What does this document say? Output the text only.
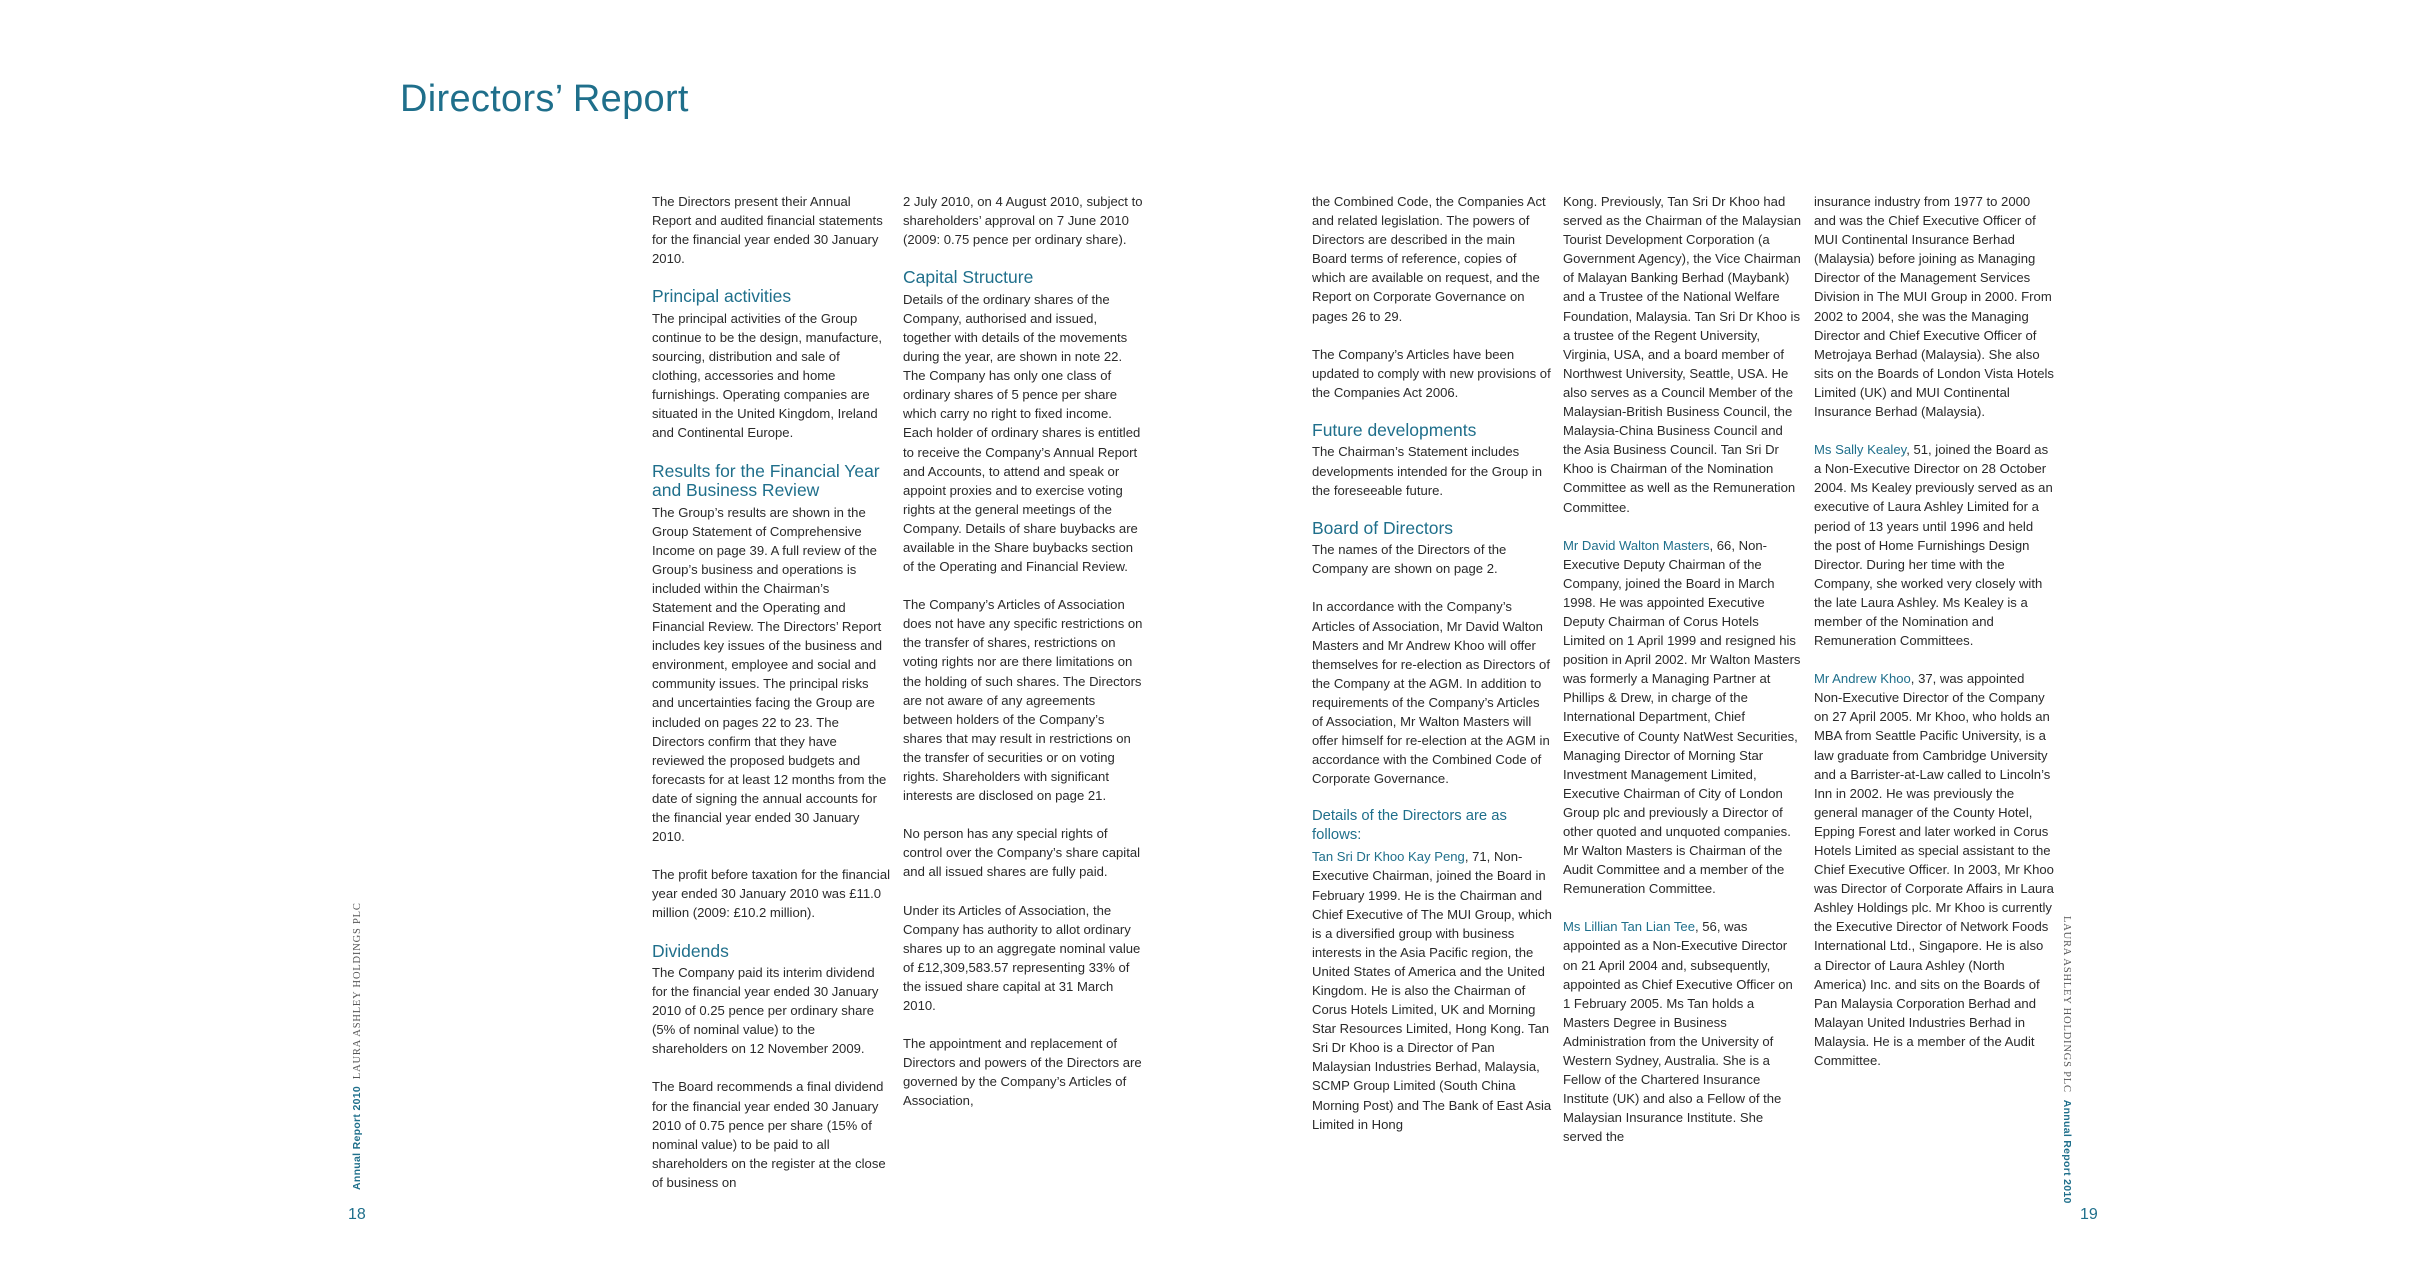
Directors’ Report

The Directors present their Annual Report and audited financial statements for the financial year ended 30 January 2010.

Principal activities

The principal activities of the Group continue to be the design, manufacture, sourcing, distribution and sale of clothing, accessories and home furnishings. Operating companies are situated in the United Kingdom, Ireland and Continental Europe.

Results for the Financial Year and Business Review

The Group’s results are shown in the Group Statement of Comprehensive Income on page 39. A full review of the Group’s business and operations is included within the Chairman’s Statement and the Operating and Financial Review. The Directors’ Report includes key issues of the business and environment, employee and social and community issues. The principal risks and uncertainties facing the Group are included on pages 22 to 23. The Directors confirm that they have reviewed the proposed budgets and forecasts for at least 12 months from the date of signing the annual accounts for the financial year ended 30 January 2010.

The profit before taxation for the financial year ended 30 January 2010 was £11.0 million (2009: £10.2 million).

Dividends

The Company paid its interim dividend for the financial year ended 30 January 2010 of 0.25 pence per ordinary share (5% of nominal value) to the shareholders on 12 November 2009.

The Board recommends a final dividend for the financial year ended 30 January 2010 of 0.75 pence per share (15% of nominal value) to be paid to all shareholders on the register at the close of business on

2 July 2010, on 4 August 2010, subject to shareholders’ approval on 7 June 2010 (2009: 0.75 pence per ordinary share).

Capital Structure

Details of the ordinary shares of the Company, authorised and issued, together with details of the movements during the year, are shown in note 22. The Company has only one class of ordinary shares of 5 pence per share which carry no right to fixed income. Each holder of ordinary shares is entitled to receive the Company’s Annual Report and Accounts, to attend and speak or appoint proxies and to exercise voting rights at the general meetings of the Company. Details of share buybacks are available in the Share buybacks section of the Operating and Financial Review.

The Company’s Articles of Association does not have any specific restrictions on the transfer of shares, restrictions on voting rights nor are there limitations on the holding of such shares. The Directors are not aware of any agreements between holders of the Company’s shares that may result in restrictions on the transfer of securities or on voting rights. Shareholders with significant interests are disclosed on page 21.

No person has any special rights of control over the Company’s share capital and all issued shares are fully paid.

Under its Articles of Association, the Company has authority to allot ordinary shares up to an aggregate nominal value of £12,309,583.57 representing 33% of the issued share capital at 31 March 2010.

The appointment and replacement of Directors and powers of the Directors are governed by the Company’s Articles of Association,

the Combined Code, the Companies Act and related legislation. The powers of Directors are described in the main Board terms of reference, copies of which are available on request, and the Report on Corporate Governance on pages 26 to 29.

The Company’s Articles have been updated to comply with new provisions of the Companies Act 2006.

Future developments

The Chairman’s Statement includes developments intended for the Group in the foreseeable future.

Board of Directors

The names of the Directors of the Company are shown on page 2.

In accordance with the Company’s Articles of Association, Mr David Walton Masters and Mr Andrew Khoo will offer themselves for re-election as Directors of the Company at the AGM. In addition to requirements of the Company’s Articles of Association, Mr Walton Masters will offer himself for re-election at the AGM in accordance with the Combined Code of Corporate Governance.

Details of the Directors are as follows:

Tan Sri Dr Khoo Kay Peng, 71, Non-Executive Chairman, joined the Board in February 1999. He is the Chairman and Chief Executive of The MUI Group, which is a diversified group with business interests in the Asia Pacific region, the United States of America and the United Kingdom. He is also the Chairman of Corus Hotels Limited, UK and Morning Star Resources Limited, Hong Kong. Tan Sri Dr Khoo is a Director of Pan Malaysian Industries Berhad, Malaysia, SCMP Group Limited (South China Morning Post) and The Bank of East Asia Limited in Hong

Kong. Previously, Tan Sri Dr Khoo had served as the Chairman of the Malaysian Tourist Development Corporation (a Government Agency), the Vice Chairman of Malayan Banking Berhad (Maybank) and a Trustee of the National Welfare Foundation, Malaysia. Tan Sri Dr Khoo is a trustee of the Regent University, Virginia, USA, and a board member of Northwest University, Seattle, USA. He also serves as a Council Member of the Malaysian-British Business Council, the Malaysia-China Business Council and the Asia Business Council. Tan Sri Dr Khoo is Chairman of the Nomination Committee as well as the Remuneration Committee.

Mr David Walton Masters, 66, Non-Executive Deputy Chairman of the Company, joined the Board in March 1998. He was appointed Executive Deputy Chairman of Corus Hotels Limited on 1 April 1999 and resigned his position in April 2002. Mr Walton Masters was formerly a Managing Partner at Phillips & Drew, in charge of the International Department, Chief Executive of County NatWest Securities, Managing Director of Morning Star Investment Management Limited, Executive Chairman of City of London Group plc and previously a Director of other quoted and unquoted companies. Mr Walton Masters is Chairman of the Audit Committee and a member of the Remuneration Committee.

Ms Lillian Tan Lian Tee, 56, was appointed as a Non-Executive Director on 21 April 2004 and, subsequently, appointed as Chief Executive Officer on 1 February 2005. Ms Tan holds a Masters Degree in Business Administration from the University of Western Sydney, Australia. She is a Fellow of the Chartered Insurance Institute (UK) and also a Fellow of the Malaysian Insurance Institute. She served the

insurance industry from 1977 to 2000 and was the Chief Executive Officer of MUI Continental Insurance Berhad (Malaysia) before joining as Managing Director of the Management Services Division in The MUI Group in 2000. From 2002 to 2004, she was the Managing Director and Chief Executive Officer of Metrojaya Berhad (Malaysia). She also sits on the Boards of London Vista Hotels Limited (UK) and MUI Continental Insurance Berhad (Malaysia).

Ms Sally Kealey, 51, joined the Board as a Non-Executive Director on 28 October 2004. Ms Kealey previously served as an executive of Laura Ashley Limited for a period of 13 years until 1996 and held the post of Home Furnishings Design Director. During her time with the Company, she worked very closely with the late Laura Ashley. Ms Kealey is a member of the Nomination and Remuneration Committees.

Mr Andrew Khoo, 37, was appointed Non-Executive Director of the Company on 27 April 2005. Mr Khoo, who holds an MBA from Seattle Pacific University, is a law graduate from Cambridge University and a Barrister-at-Law called to Lincoln’s Inn in 2002. He was previously the general manager of the County Hotel, Epping Forest and later worked in Corus Hotels Limited as special assistant to the Chief Executive Officer. In 2003, Mr Khoo was Director of Corporate Affairs in Laura Ashley Holdings plc. Mr Khoo is currently the Executive Director of Network Foods International Ltd., Singapore. He is also a Director of Laura Ashley (North America) Inc. and sits on the Boards of Pan Malaysia Corporation Berhad and Malayan United Industries Berhad in Malaysia. He is a member of the Audit Committee.

Annual Report 2010  LAURA ASHLEY HOLDINGS PLC	LAURA ASHLEY HOLDINGS PLC  Annual Report 2010
18	19
